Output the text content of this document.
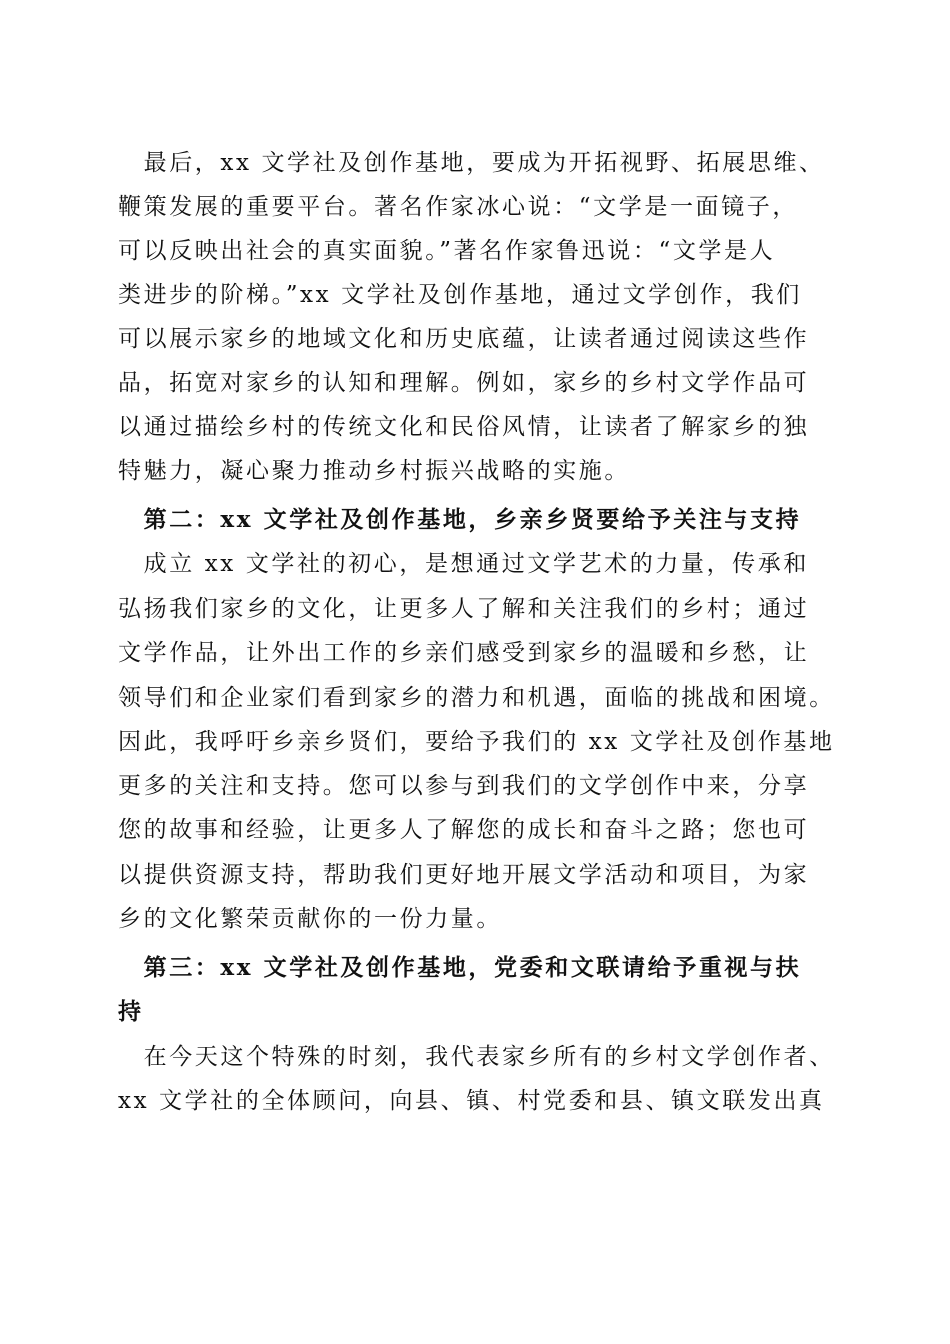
　最后，xx 文学社及创作基地，要成为开拓视野、拓展思维、

鞭策发展的重要平台。著名作家冰心说：“文学是一面镜子，

可以反映出社会的真实面貌。”著名作家鲁迅说：“文学是人

类进步的阶梯。”xx 文学社及创作基地，通过文学创作，我们

可以展示家乡的地域文化和历史底蕴，让读者通过阅读这些作

品，拓宽对家乡的认知和理解。例如，家乡的乡村文学作品可

以通过描绘乡村的传统文化和民俗风情，让读者了解家乡的独

特魅力，凝心聚力推动乡村振兴战略的实施。

　第二：xx 文学社及创作基地，乡亲乡贤要给予关注与支持

　成立 xx 文学社的初心，是想通过文学艺术的力量，传承和

弘扬我们家乡的文化，让更多人了解和关注我们的乡村；通过

文学作品，让外出工作的乡亲们感受到家乡的温暖和乡愁，让

领导们和企业家们看到家乡的潜力和机遇，面临的挑战和困境。

因此，我呼吁乡亲乡贤们，要给予我们的 xx 文学社及创作基地

更多的关注和支持。您可以参与到我们的文学创作中来，分享

您的故事和经验，让更多人了解您的成长和奋斗之路；您也可

以提供资源支持，帮助我们更好地开展文学活动和项目，为家

乡的文化繁荣贡献你的一份力量。

　第三：xx 文学社及创作基地，党委和文联请给予重视与扶

持

　在今天这个特殊的时刻，我代表家乡所有的乡村文学创作者、

xx 文学社的全体顾问，向县、镇、村党委和县、镇文联发出真
